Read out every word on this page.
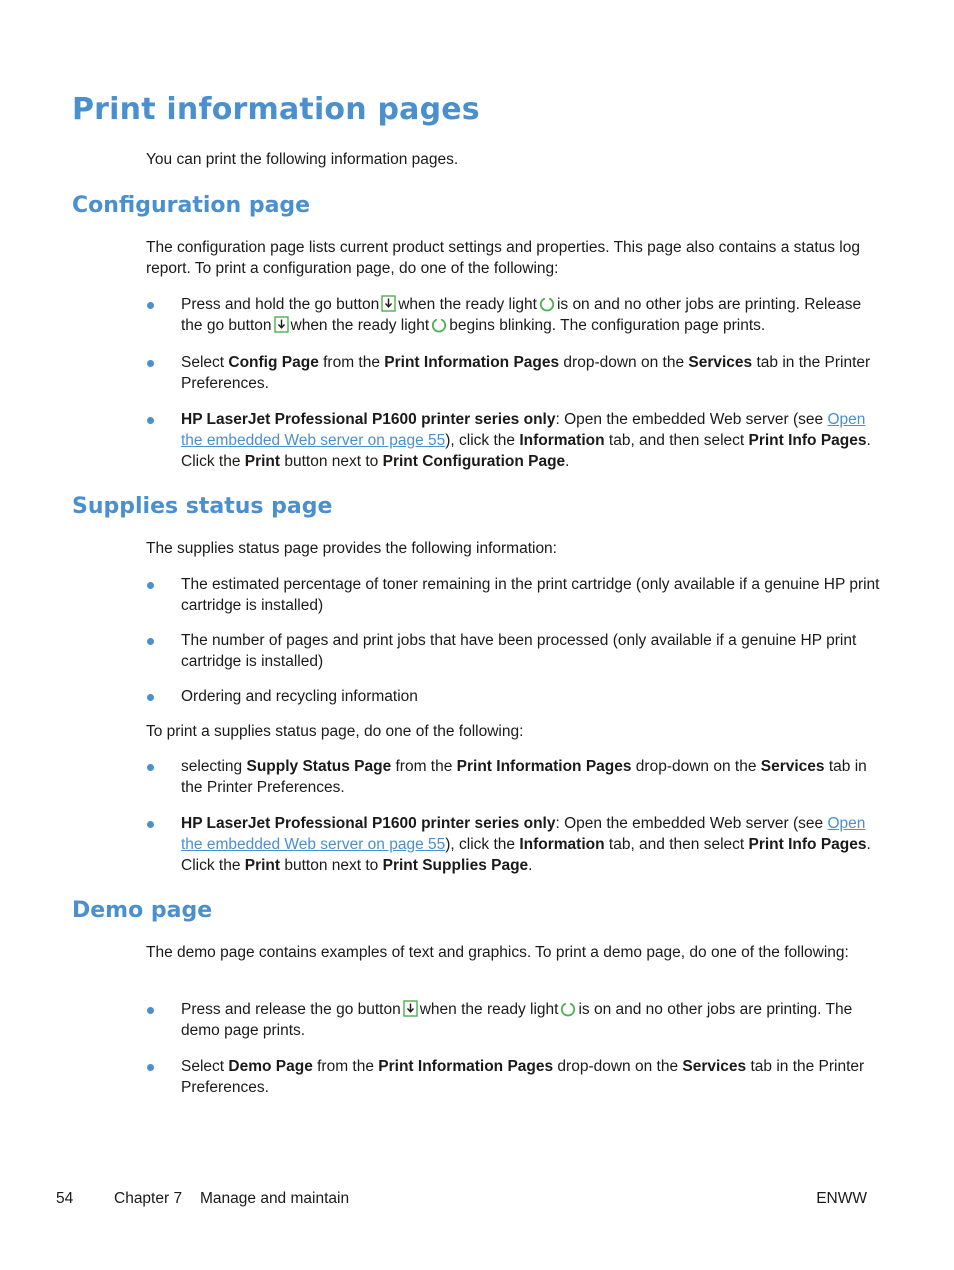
Print information pages

You can print the following information pages.

Configuration page

The configuration page lists current product settings and properties. This page also contains a status log report. To print a configuration page, do one of the following:

Press and hold the go button when the ready light is on and no other jobs are printing. Release the go button when the ready light begins blinking. The configuration page prints.

Select Config Page from the Print Information Pages drop-down on the Services tab in the Printer Preferences.

HP LaserJet Professional P1600 printer series only: Open the embedded Web server (see Open the embedded Web server on page 55), click the Information tab, and then select Print Info Pages. Click the Print button next to Print Configuration Page.

Supplies status page

The supplies status page provides the following information:

The estimated percentage of toner remaining in the print cartridge (only available if a genuine HP print cartridge is installed)

The number of pages and print jobs that have been processed (only available if a genuine HP print cartridge is installed)

Ordering and recycling information

To print a supplies status page, do one of the following:

selecting Supply Status Page from the Print Information Pages drop-down on the Services tab in the Printer Preferences.

HP LaserJet Professional P1600 printer series only: Open the embedded Web server (see Open the embedded Web server on page 55), click the Information tab, and then select Print Info Pages. Click the Print button next to Print Supplies Page.

Demo page

The demo page contains examples of text and graphics. To print a demo page, do one of the following:

Press and release the go button when the ready light is on and no other jobs are printing. The demo page prints.

Select Demo Page from the Print Information Pages drop-down on the Services tab in the Printer Preferences.

54	Chapter 7 Manage and maintain	ENWW
